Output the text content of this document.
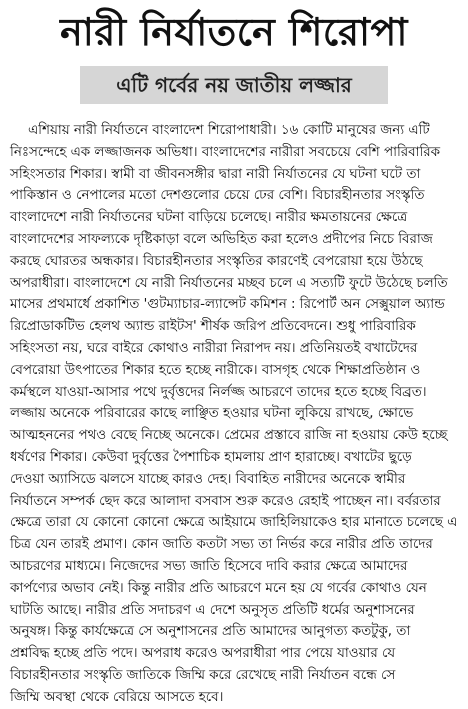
নারী নির্যাতনে শিরোপা
এটি গর্বের নয় জাতীয় লজ্জার
এশিয়ায় নারী নির্যাতনে বাংলাদেশ শিরোপাধারী। ১৬ কোটি মানুষের জন্য এটি
নিঃসন্দেহে এক লজ্জাজনক অভিধা। বাংলাদেশের নারীরা সবচেয়ে বেশি পারিবারিক
সহিংসতার শিকার। স্বামী বা জীবনসঙ্গীর দ্বারা নারী নির্যাতনের যে ঘটনা ঘটে তা
পাকিস্তান ও নেপালের মতো দেশগুলোর চেয়ে ঢের বেশি। বিচারহীনতার সংস্কৃতি
বাংলাদেশে নারী নির্যাতনের ঘটনা বাড়িয়ে চলেছে। নারীর ক্ষমতায়নের ক্ষেত্রে
বাংলাদেশের সাফল্যকে দৃষ্টিকাড়া বলে অভিহিত করা হলেও প্রদীপের নিচে বিরাজ
করছে ঘোরতর অন্ধকার। বিচারহীনতার সংস্কৃতির কারণেই বেপরোয়া হয়ে উঠছে
অপরাধীরা। বাংলাদেশে যে নারী নির্যাতনের মচ্ছব চলে এ সত্যটি ফুটে উঠেছে চলতি
মাসের প্রথমার্ধে প্রকাশিত 'গুটম্যাচার-ল্যান্সেট কমিশন : রিপোর্ট অন সেক্সুয়াল অ্যান্ড
রিপ্রোডাকটিভ হেলথ অ্যান্ড রাইটস' শীর্ষক জরিপ প্রতিবেদনে। শুধু পারিবারিক
সহিংসতা নয়, ঘরে বাইরে কোথাও নারীরা নিরাপদ নয়। প্রতিনিয়তই বখাটেদের
বেপরোয়া উৎপাতের শিকার হতে হচ্ছে নারীকে। বাসগৃহ থেকে শিক্ষাপ্রতিষ্ঠান ও
কর্মস্থলে যাওয়া-আসার পথে দুর্বৃত্তদের নির্লজ্জ আচরণে তাদের হতে হচ্ছে বিব্রত।
লজ্জায় অনেকে পরিবারের কাছে লাঞ্ছিত হওয়ার ঘটনা লুকিয়ে রাখছে, ক্ষোভে
আত্মহননের পথও বেছে নিচ্ছে অনেকে। প্রেমের প্রস্তাবে রাজি না হওয়ায় কেউ হচ্ছে
ধর্ষণের শিকার। কেউবা দুর্বৃত্তের পৈশাচিক হামলায় প্রাণ হারাচ্ছে। বখাটের ছুড়ে
দেওয়া অ্যাসিডে ঝলসে যাচ্ছে কারও দেহ। বিবাহিত নারীদের অনেকে স্বামীর
নির্যাতনে সম্পর্ক ছেদ করে আলাদা বসবাস শুরু করেও রেহাই পাচ্ছেন না। বর্বরতার
ক্ষেত্রে তারা যে কোনো কোনো ক্ষেত্রে আইয়ামে জাহিলিয়াকেও হার মানাতে চলেছে এ
চিত্র যেন তারই প্রমাণ। কোন জাতি কতটা সভ্য তা নির্ভর করে নারীর প্রতি তাদের
আচরণের মাধ্যমে। নিজেদের সভ্য জাতি হিসেবে দাবি করার ক্ষেত্রে আমাদের
কার্পণ্যের অভাব নেই। কিন্তু নারীর প্রতি আচরণে মনে হয় যে গর্বের কোথাও যেন
ঘাটতি আছে। নারীর প্রতি সদাচরণ এ দেশে অনুসৃত প্রতিটি ধর্মের অনুশাসনের
অনুষঙ্গ। কিন্তু কার্যক্ষেত্রে সে অনুশাসনের প্রতি আমাদের আনুগত্য কতটুকু, তা
প্রশ্নবিদ্ধ হচ্ছে প্রতি পদে। অপরাধ করেও অপরাধীরা পার পেয়ে যাওয়ার যে
বিচারহীনতার সংস্কৃতি জাতিকে জিম্মি করে রেখেছে নারী নির্যাতন বন্ধে সে
জিম্মি অবস্থা থেকে বেরিয়ে আসতে হবে।
